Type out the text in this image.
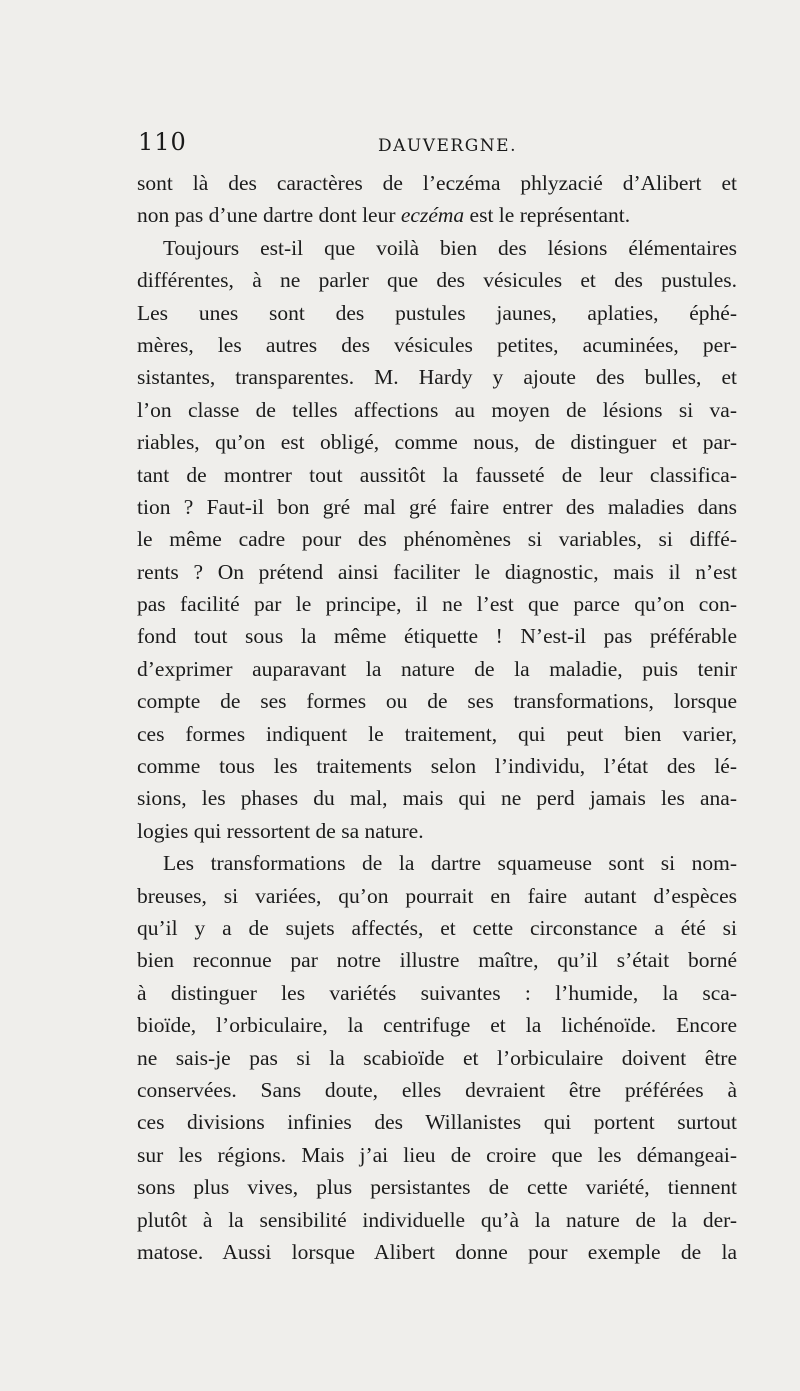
110	DAUVERGNE.
sont là des caractères de l’eczéma phlyzacié d’Alibert et
non pas d’une dartre dont leur eczéma est le représentant.
Toujours est-il que voilà bien des lésions élémentaires
différentes, à ne parler que des vésicules et des pustules.
Les unes sont des pustules jaunes, aplaties, éphé-
mères, les autres des vésicules petites, acuminées, per-
sistantes, transparentes. M. Hardy y ajoute des bulles, et
l’on classe de telles affections au moyen de lésions si va-
riables, qu’on est obligé, comme nous, de distinguer et par-
tant de montrer tout aussitôt la fausseté de leur classifica-
tion ? Faut-il bon gré mal gré faire entrer des maladies dans
le même cadre pour des phénomènes si variables, si diffé-
rents ? On prétend ainsi faciliter le diagnostic, mais il n’est
pas facilité par le principe, il ne l’est que parce qu’on con-
fond tout sous la même étiquette ! N’est-il pas préférable
d’exprimer auparavant la nature de la maladie, puis tenir
compte de ses formes ou de ses transformations, lorsque
ces formes indiquent le traitement, qui peut bien varier,
comme tous les traitements selon l’individu, l’état des lé-
sions, les phases du mal, mais qui ne perd jamais les ana-
logies qui ressortent de sa nature.
Les transformations de la dartre squameuse sont si nom-
breuses, si variées, qu’on pourrait en faire autant d’espèces
qu’il y a de sujets affectés, et cette circonstance a été si
bien reconnue par notre illustre maître, qu’il s’était borné
à distinguer les variétés suivantes : l’humide, la sca-
bioïde, l’orbiculaire, la centrifuge et la lichénoïde. Encore
ne sais-je pas si la scabioïde et l’orbiculaire doivent être
conservées. Sans doute, elles devraient être préférées à
ces divisions infinies des Willanistes qui portent surtout
sur les régions. Mais j’ai lieu de croire que les démangeai-
sons plus vives, plus persistantes de cette variété, tiennent
plutôt à la sensibilité individuelle qu’à la nature de la der-
matose. Aussi lorsque Alibert donne pour exemple de la
